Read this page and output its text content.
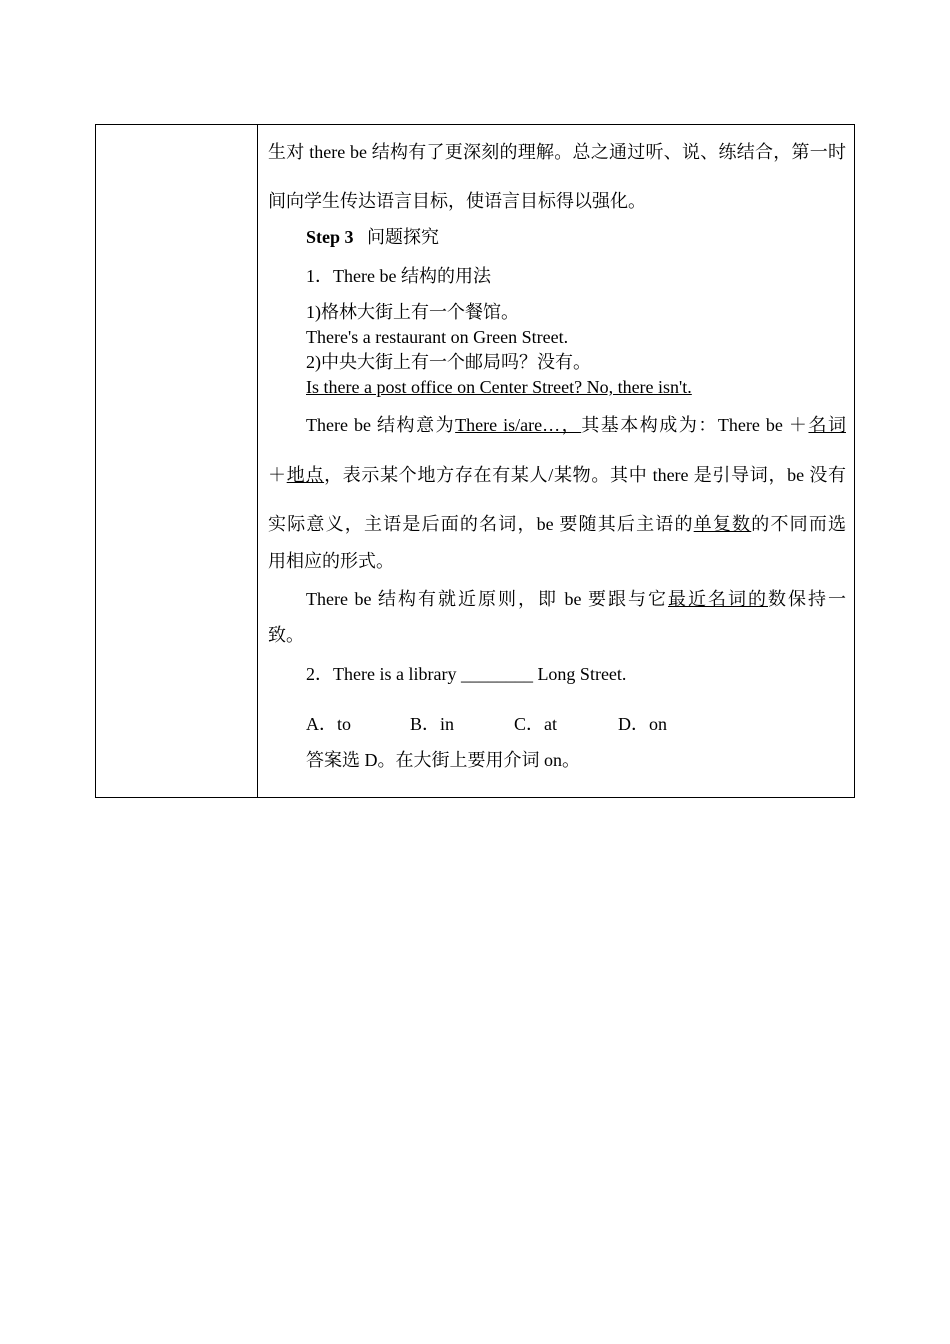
生对 there be 结构有了更深刻的理解。总之通过听、说、练结合，第一时
间向学生传达语言目标，使语言目标得以强化。
Step 3 问题探究
1．There be 结构的用法
1)格林大街上有一个餐馆。
There's a restaurant on Green Street.
2)中央大街上有一个邮局吗？没有。
Is there a post office on Center Street? No, there isn't.
There be 结构意为There is/are…，其基本构成为：There be ＋名词
＋地点，表示某个地方存在有某人/某物。其中 there 是引导词，be 没有
实际意义，主语是后面的名词，be 要随其后主语的单复数的不同而选
用相应的形式。
There be 结构有就近原则，即 be 要跟与它最近名词的数保持一
致。
2．There is a library ________ Long Street.
A．to	B．in	C．at	D．on
答案选 D。在大街上要用介词 on。
